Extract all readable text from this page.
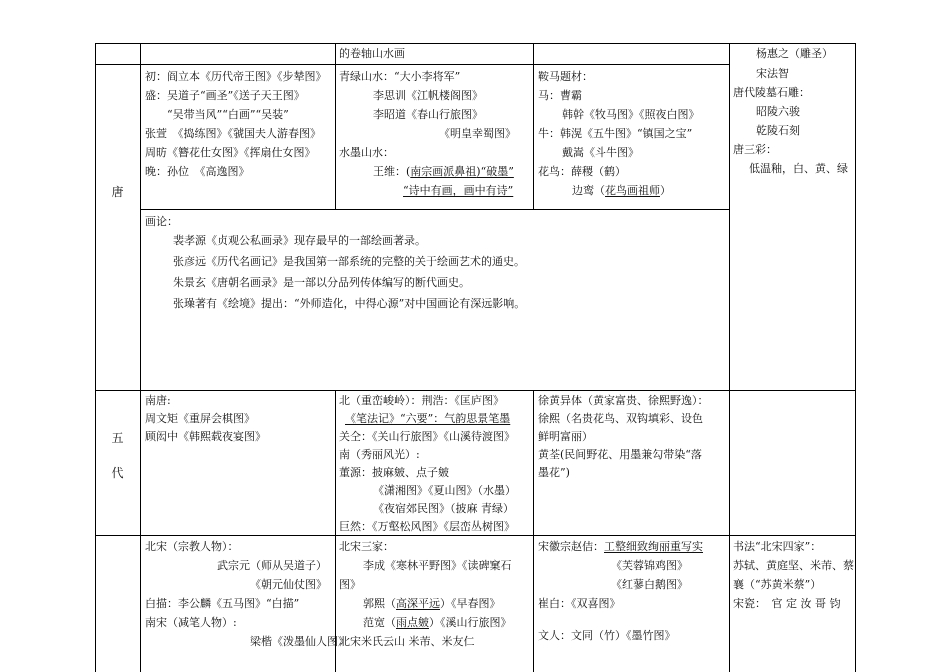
的卷轴山水画
唐
初：阎立本《历代帝王图》《步辇图》
盛：吴道子“画圣”《送子天王图》
　　“吴带当风”“白画”“吴装”
张萱　《捣练图》《虢国夫人游春图》
周昉《簪花仕女图》《挥扇仕女图》
晚：孙位　《高逸图》
青绿山水：“大小李将军”
李思训《江帆楼阁图》
李昭道《春山行旅图》
《明皇幸蜀图》
水墨山水：
王维：(南宗画派鼻祖)“破墨”
“诗中有画，画中有诗”
鞍马题材：
马：曹霸
韩幹《牧马图》《照夜白图》
牛：韩滉《五牛图》“镇国之宝”
戴嵩《斗牛图》
花鸟：薛稷（鹤）
边鸾（花鸟画祖师）
杨惠之（雕圣）
宋法智
唐代陵墓石雕：
昭陵六骏
乾陵石刻
唐三彩：
低温釉，白、黄、绿
画论：
裴孝源《贞观公私画录》现存最早的一部绘画著录。
张彦远《历代名画记》是我国第一部系统的完整的关于绘画艺术的通史。
朱景玄《唐朝名画录》是一部以分品列传体编写的断代画史。
张璪著有《绘境》提出：“外师造化，中得心源”对中国画论有深远影响。
五
代
南唐:
周文矩《重屏会棋图》
顾闳中《韩熙载夜宴图》
北（重峦峻岭）：荆浩：《匡庐图》
《笔法记》“六要”：气韵思景笔墨
关仝：《关山行旅图》《山溪待渡图》
南（秀丽风光）:
董源：披麻皴、点子皴
《潇湘图》《夏山图》（水墨）
《夜宿郊民图》（披麻 青绿）
巨然：《万壑松风图》《层峦丛树图》
徐黄异体（黄家富贵、徐熙野逸）：
徐熙（名贵花鸟、双钩填彩、设色
鲜明富丽）
黄荃(民间野花、用墨兼勾带染“落
墨花”)
北宋（宗教人物）：
武宗元（师从吴道子）
《朝元仙仗图》
白描：李公麟《五马图》“白描”
南宋（减笔人物）:
梁楷《泼墨仙人图》
北宋三家：
李成《寒林平野图》《读碑窠石
图》
郭熙（高深平远）《早春图》
范宽（雨点皴）《溪山行旅图》
北宋米氏云山 米芾、米友仁
宋徽宗赵佶：工整细致绚丽重写实
《芙蓉锦鸡图》
《红蓼白鹅图》
崔白：《双喜图》
文人：文同（竹）《墨竹图》
书法“北宋四家”：
苏轼、黄庭坚、米芾、蔡
襄（“苏黄米蔡”）
宋瓷：　官 定 汝 哥 钧
